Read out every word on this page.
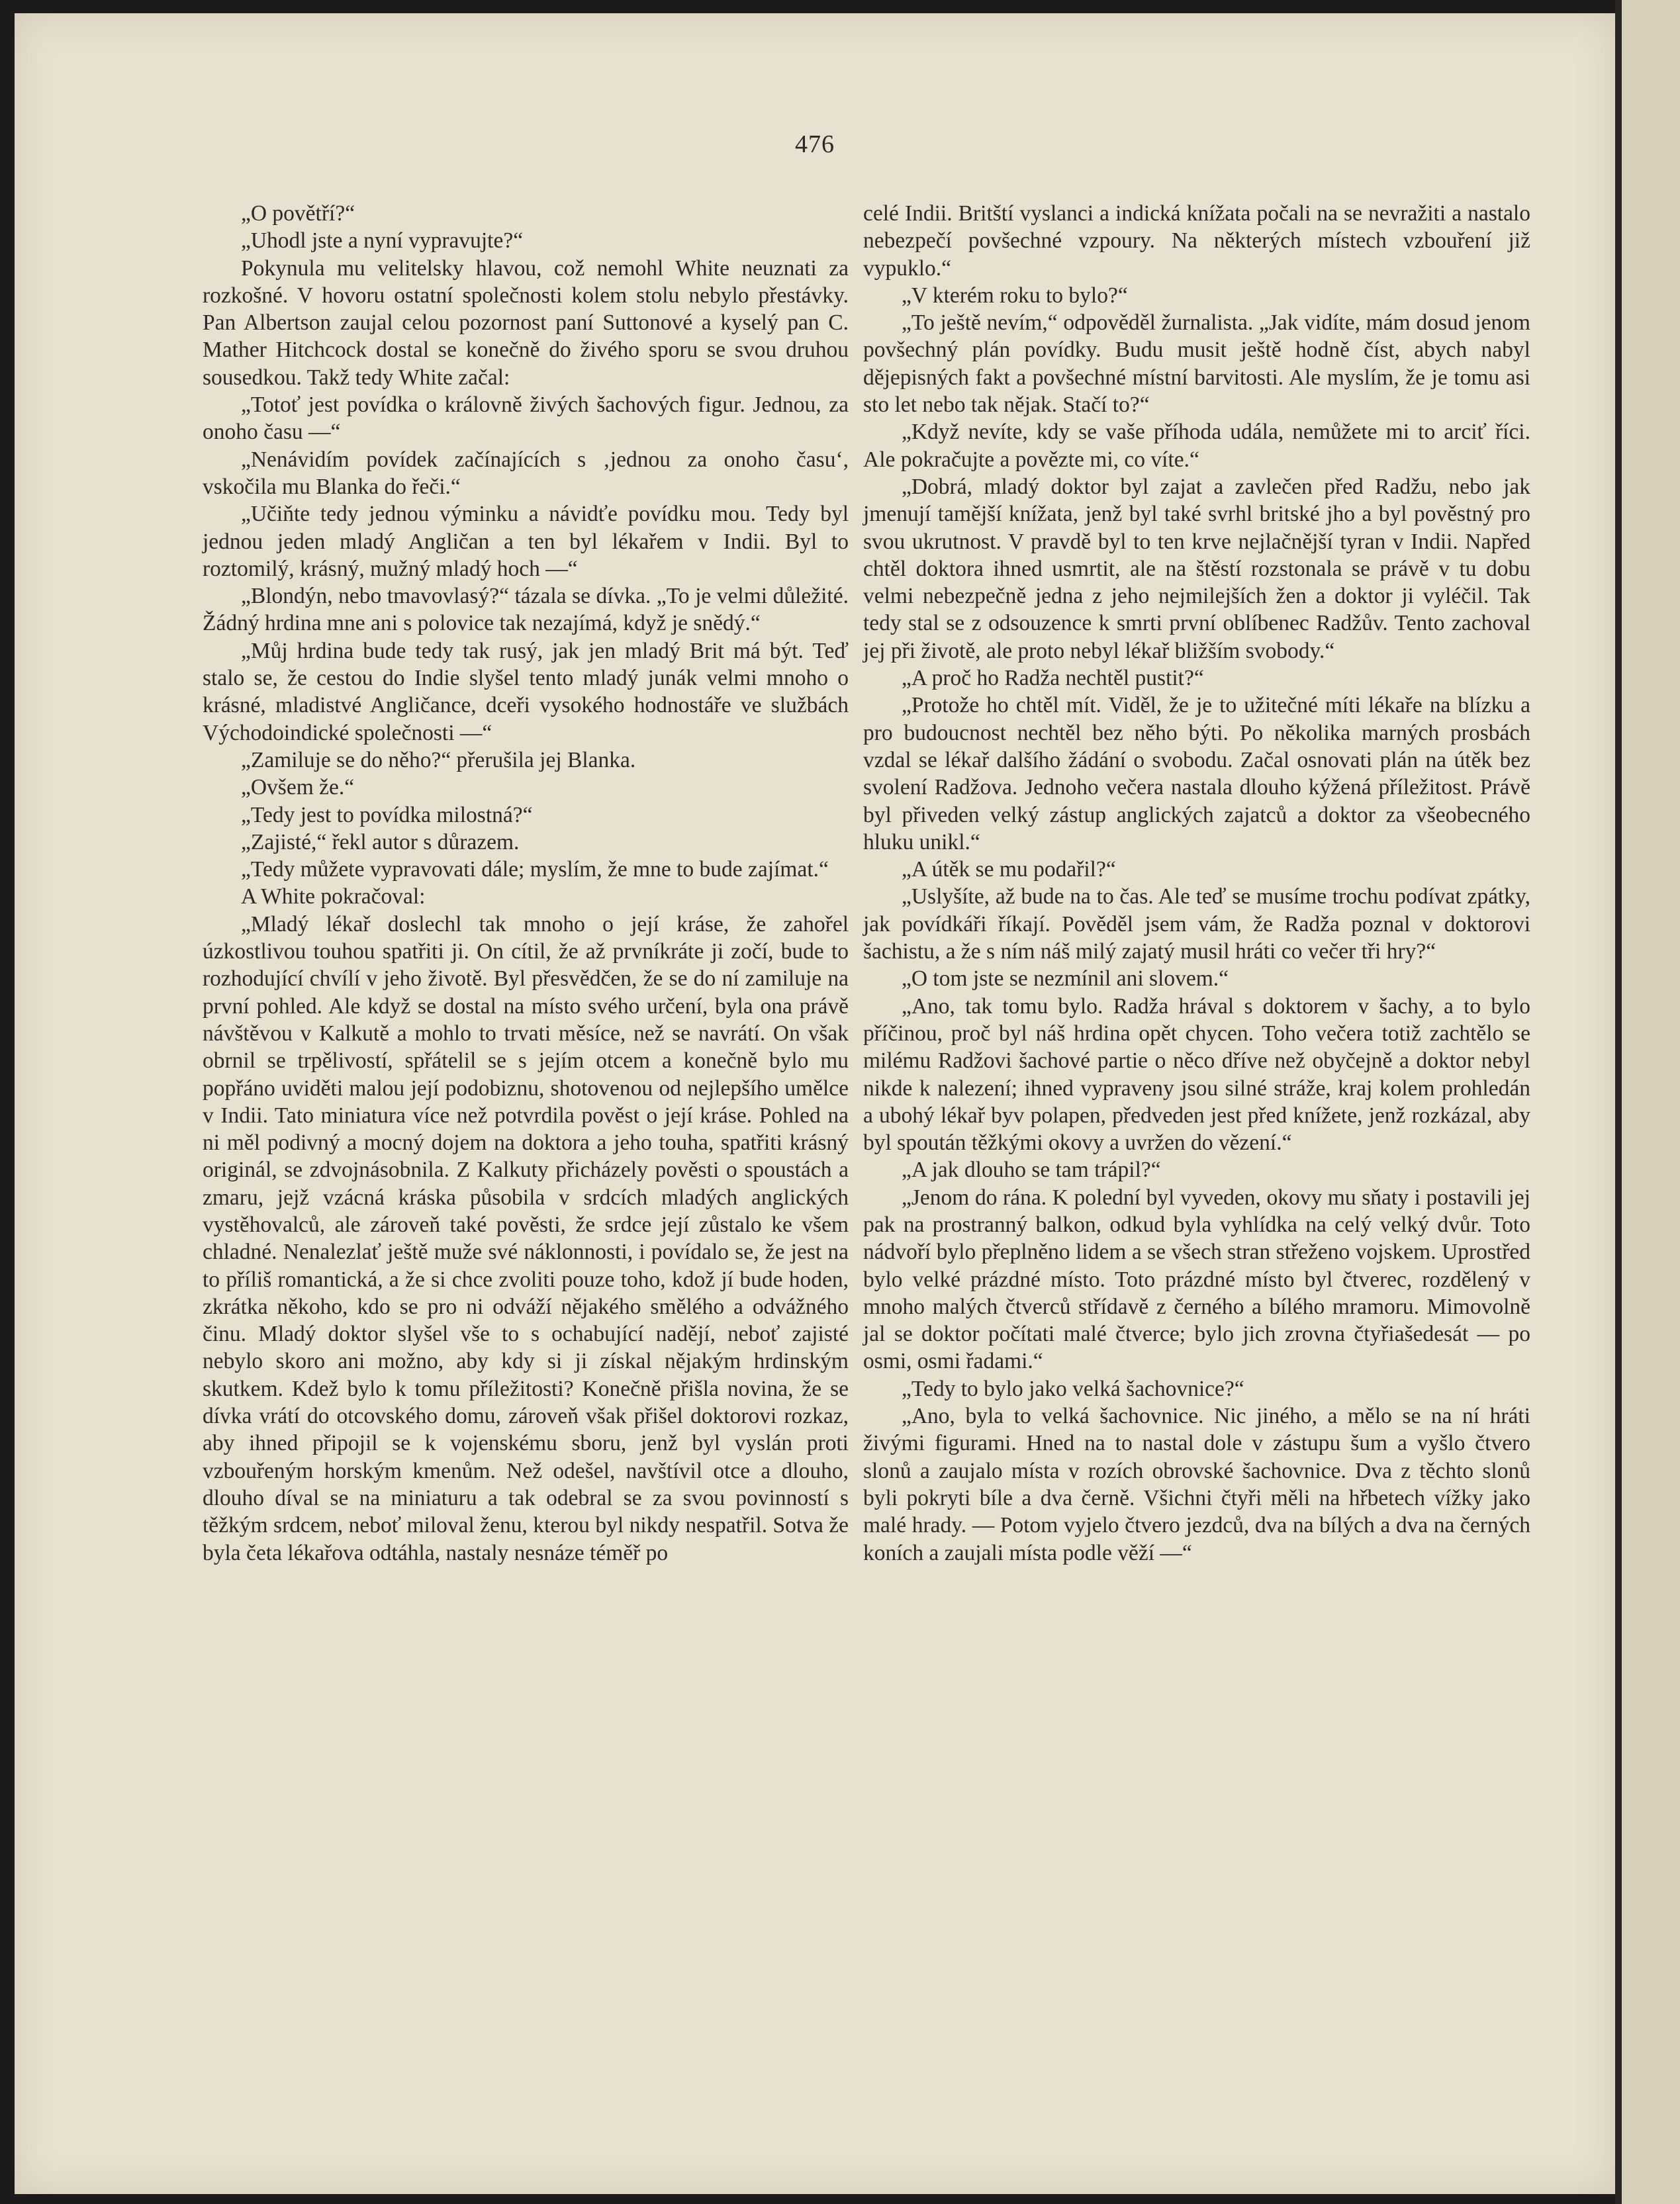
476

„O povětří?“

„Uhodl jste a nyní vypravujte?“

Pokynula mu velitelsky hlavou, což nemohl White neuznati za rozkošné. V hovoru ostatní společnosti kolem stolu nebylo přestávky. Pan Albertson zaujal celou pozornost paní Suttonové a kyselý pan C. Mather Hitchcock dostal se konečně do živého sporu se svou druhou sousedkou. Takž tedy White začal:

„Totoť jest povídka o královně živých šachových figur. Jednou, za onoho času —“

„Nenávidím povídek začínajících s ‚jednou za onoho času‘, vskočila mu Blanka do řeči.“

„Učiňte tedy jednou výminku a návidťe povídku mou. Tedy byl jednou jeden mladý Angličan a ten byl lékařem v Indii. Byl to roztomilý, krásný, mužný mladý hoch —“

„Blondýn, nebo tmavovlasý?“ tázala se dívka. „To je velmi důležité. Žádný hrdina mne ani s polovice tak nezajímá, když je snědý.“

„Můj hrdina bude tedy tak rusý, jak jen mladý Brit má být. Teď stalo se, že cestou do Indie slyšel tento mladý junák velmi mnoho o krásné, mladistvé Angličance, dceři vysokého hodnostáře ve službách Východoindické společnosti —“

„Zamiluje se do něho?“ přerušila jej Blanka.

„Ovšem že.“

„Tedy jest to povídka milostná?“

„Zajisté,“ řekl autor s důrazem.

„Tedy můžete vypravovati dále; myslím, že mne to bude zajímat.“

A White pokračoval:

„Mladý lékař doslechl tak mnoho o její kráse, že zahořel úzkostlivou touhou spatřiti ji. On cítil, že až prvníkráte ji zočí, bude to rozhodující chvílí v jeho životě. Byl přesvědčen, že se do ní zamiluje na první pohled. Ale když se dostal na místo svého určení, byla ona právě návštěvou v Kalkutě a mohlo to trvati měsíce, než se navrátí. On však obrnil se trpělivostí, spřátelil se s jejím otcem a konečně bylo mu popřáno uviděti malou její podobiznu, shotovenou od nejlepšího umělce v Indii. Tato miniatura více než potvrdila pověst o její kráse. Pohled na ni měl podivný a mocný dojem na doktora a jeho touha, spatřiti krásný originál, se zdvojnásobnila. Z Kalkuty přicházely pověsti o spoustách a zmaru, jejž vzácná kráska působila v srdcích mladých anglických vystěhovalců, ale zároveň také pověsti, že srdce její zůstalo ke všem chladné. Nenalezlať ještě muže své náklonnosti, i povídalo se, že jest na to příliš romantická, a že si chce zvoliti pouze toho, kdož jí bude hoden, zkrátka někoho, kdo se pro ni odváží nějakého smělého a odvážného činu. Mladý doktor slyšel vše to s ochabující nadějí, neboť zajisté nebylo skoro ani možno, aby kdy si ji získal nějakým hrdinským skutkem. Kdež bylo k tomu příležitosti? Konečně přišla novina, že se dívka vrátí do otcovského domu, zároveň však přišel doktorovi rozkaz, aby ihned připojil se k vojenskému sboru, jenž byl vyslán proti vzbouřeným horským kmenům. Než odešel, navštívil otce a dlouho, dlouho díval se na miniaturu a tak odebral se za svou povinností s těžkým srdcem, neboť miloval ženu, kterou byl nikdy nespatřil. Sotva že byla četa lékařova odtáhla, nastaly nesnáze téměř po

celé Indii. Britští vyslanci a indická knížata počali na se nevražiti a nastalo nebezpečí povšechné vzpoury. Na některých místech vzbouření již vypuklo.“

„V kterém roku to bylo?“

„To ještě nevím,“ odpověděl žurnalista. „Jak vidíte, mám dosud jenom povšechný plán povídky. Budu musit ještě hodně číst, abych nabyl dějepisných fakt a povšechné místní barvitosti. Ale myslím, že je tomu asi sto let nebo tak nějak. Stačí to?“

„Když nevíte, kdy se vaše příhoda udála, nemůžete mi to arciť říci. Ale pokračujte a povězte mi, co víte.“

„Dobrá, mladý doktor byl zajat a zavlečen před Radžu, nebo jak jmenují tamější knížata, jenž byl také svrhl britské jho a byl pověstný pro svou ukrutnost. V pravdě byl to ten krve nejlačnější tyran v Indii. Napřed chtěl doktora ihned usmrtit, ale na štěstí rozstonala se právě v tu dobu velmi nebezpečně jedna z jeho nejmilejších žen a doktor ji vyléčil. Tak tedy stal se z odsouzence k smrti první oblíbenec Radžův. Tento zachoval jej při životě, ale proto nebyl lékař bližším svobody.“

„A proč ho Radža nechtěl pustit?“

„Protože ho chtěl mít. Viděl, že je to užitečné míti lékaře na blízku a pro budoucnost nechtěl bez něho býti. Po několika marných prosbách vzdal se lékař dalšího žádání o svobodu. Začal osnovati plán na útěk bez svolení Radžova. Jednoho večera nastala dlouho kýžená příležitost. Právě byl přiveden velký zástup anglických zajatců a doktor za všeobecného hluku unikl.“

„A útěk se mu podařil?“

„Uslyšíte, až bude na to čas. Ale teď se musíme trochu podívat zpátky, jak povídkáři říkají. Pověděl jsem vám, že Radža poznal v doktorovi šachistu, a že s ním náš milý zajatý musil hráti co večer tři hry?“

„O tom jste se nezmínil ani slovem.“

„Ano, tak tomu bylo. Radža hrával s doktorem v šachy, a to bylo příčinou, proč byl náš hrdina opět chycen. Toho večera totiž zachtělo se milému Radžovi šachové partie o něco dříve než obyčejně a doktor nebyl nikde k nalezení; ihned vypraveny jsou silné stráže, kraj kolem prohledán a ubohý lékař byv polapen, předveden jest před knížete, jenž rozkázal, aby byl spoután těžkými okovy a uvržen do vězení.“

„A jak dlouho se tam trápil?“

„Jenom do rána. K polední byl vyveden, okovy mu sňaty i postavili jej pak na prostranný balkon, odkud byla vyhlídka na celý velký dvůr. Toto nádvoří bylo přeplněno lidem a se všech stran střeženo vojskem. Uprostřed bylo velké prázdné místo. Toto prázdné místo byl čtverec, rozdělený v mnoho malých čtverců střídavě z černého a bílého mramoru. Mimovolně jal se doktor počítati malé čtverce; bylo jich zrovna čtyřiašedesát — po osmi, osmi řadami.“

„Tedy to bylo jako velká šachovnice?“

„Ano, byla to velká šachovnice. Nic jiného, a mělo se na ní hráti živými figurami. Hned na to nastal dole v zástupu šum a vyšlo čtvero slonů a zaujalo místa v rozích obrovské šachovnice. Dva z těchto slonů byli pokryti bíle a dva černě. Všichni čtyři měli na hřbetech vížky jako malé hrady. — Potom vyjelo čtvero jezdců, dva na bílých a dva na černých koních a zaujali místa podle věží —“
